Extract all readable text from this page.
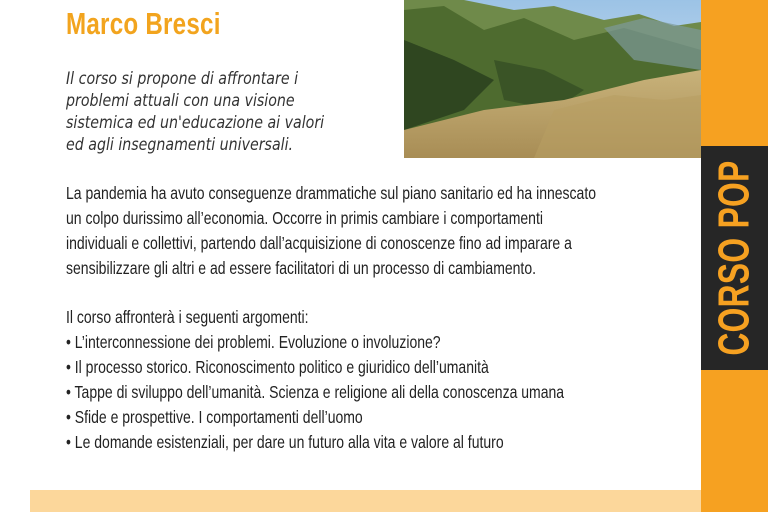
Marco Bresci
Il corso si propone di affrontare i
problemi attuali con una visione
sistemica ed un'educazione ai valori
ed agli insegnamenti universali.
CORSO POP
La pandemia ha avuto conseguenze drammatiche sul piano sanitario ed ha innescato
un colpo durissimo all’economia. Occorre in primis cambiare i comportamenti
individuali e collettivi, partendo dall’acquisizione di conoscenze fino ad imparare a
sensibilizzare gli altri e ad essere facilitatori di un processo di cambiamento.
Il corso affronterà i seguenti argomenti:
• L’interconnessione dei problemi. Evoluzione o involuzione?
• Il processo storico. Riconoscimento politico e giuridico dell’umanità
• Tappe di sviluppo dell’umanità. Scienza e religione ali della conoscenza umana
• Sfide e prospettive. I comportamenti dell’uomo
• Le domande esistenziali, per dare un futuro alla vita e valore al futuro
